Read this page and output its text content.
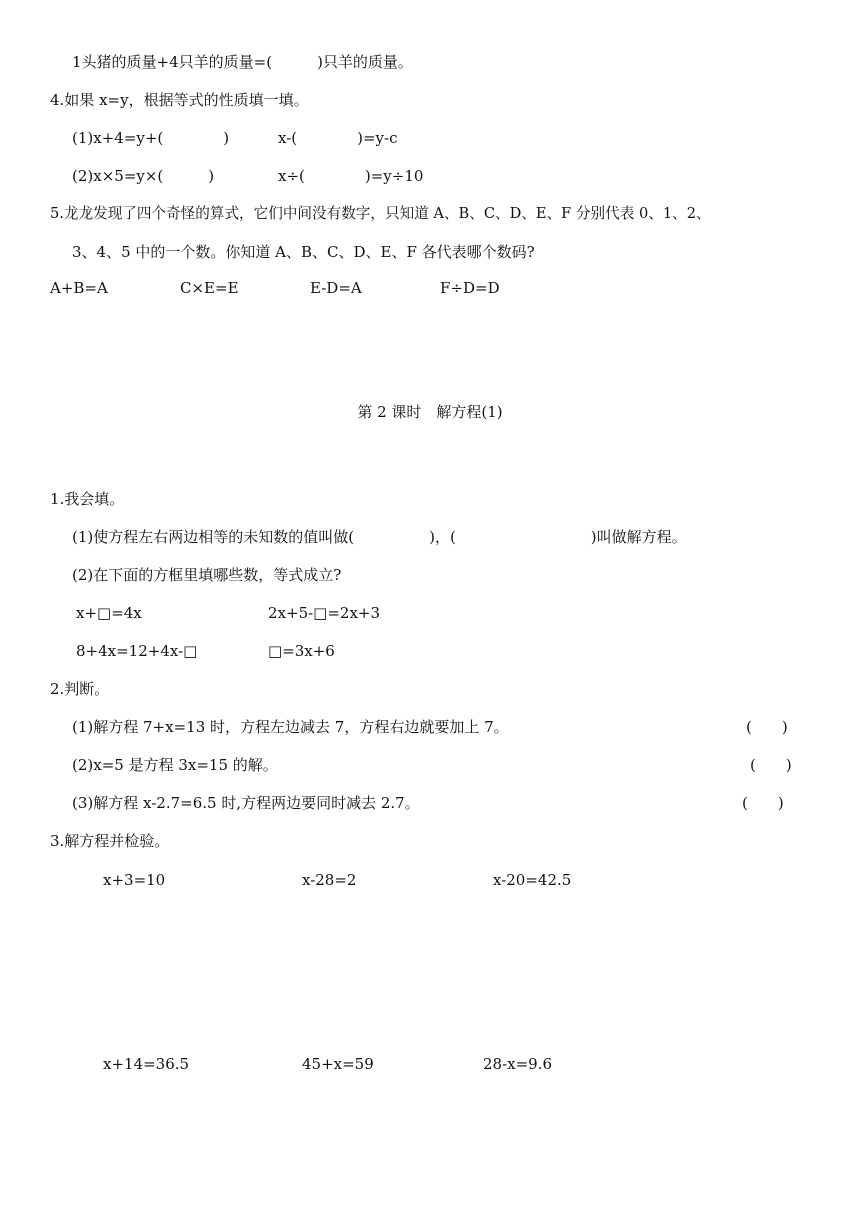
1头猪的质量+4只羊的质量=(　　　)只羊的质量。
4.如果 x=y，根据等式的性质填一填。
(1)x+4=y+(　　　　)	x-(　　　　)=y-c
(2)x×5=y×(　　　)	x÷(　　　　)=y÷10
5.龙龙发现了四个奇怪的算式，它们中间没有数字，只知道 A、B、C、D、E、F 分别代表 0、1、2、
3、4、5 中的一个数。你知道 A、B、C、D、E、F 各代表哪个数码?
A+B=A	C×E=E	E-D=A	F÷D=D
第 2 课时　解方程(1)
1.我会填。
(1)使方程左右两边相等的未知数的值叫做(　　　　　)，(　　　　　　　　　)叫做解方程。
(2)在下面的方框里填哪些数，等式成立?
x+□=4x	2x+5-□=2x+3
8+4x=12+4x-□	□=3x+6
2.判断。
(1)解方程 7+x=13 时，方程左边减去 7，方程右边就要加上 7。	(　　)
(2)x=5 是方程 3x=15 的解。	(　　)
(3)解方程 x-2.7=6.5 时,方程两边要同时减去 2.7。	(　　)
3.解方程并检验。
x+3=10	x-28=2	x-20=42.5
x+14=36.5	45+x=59	28-x=9.6
